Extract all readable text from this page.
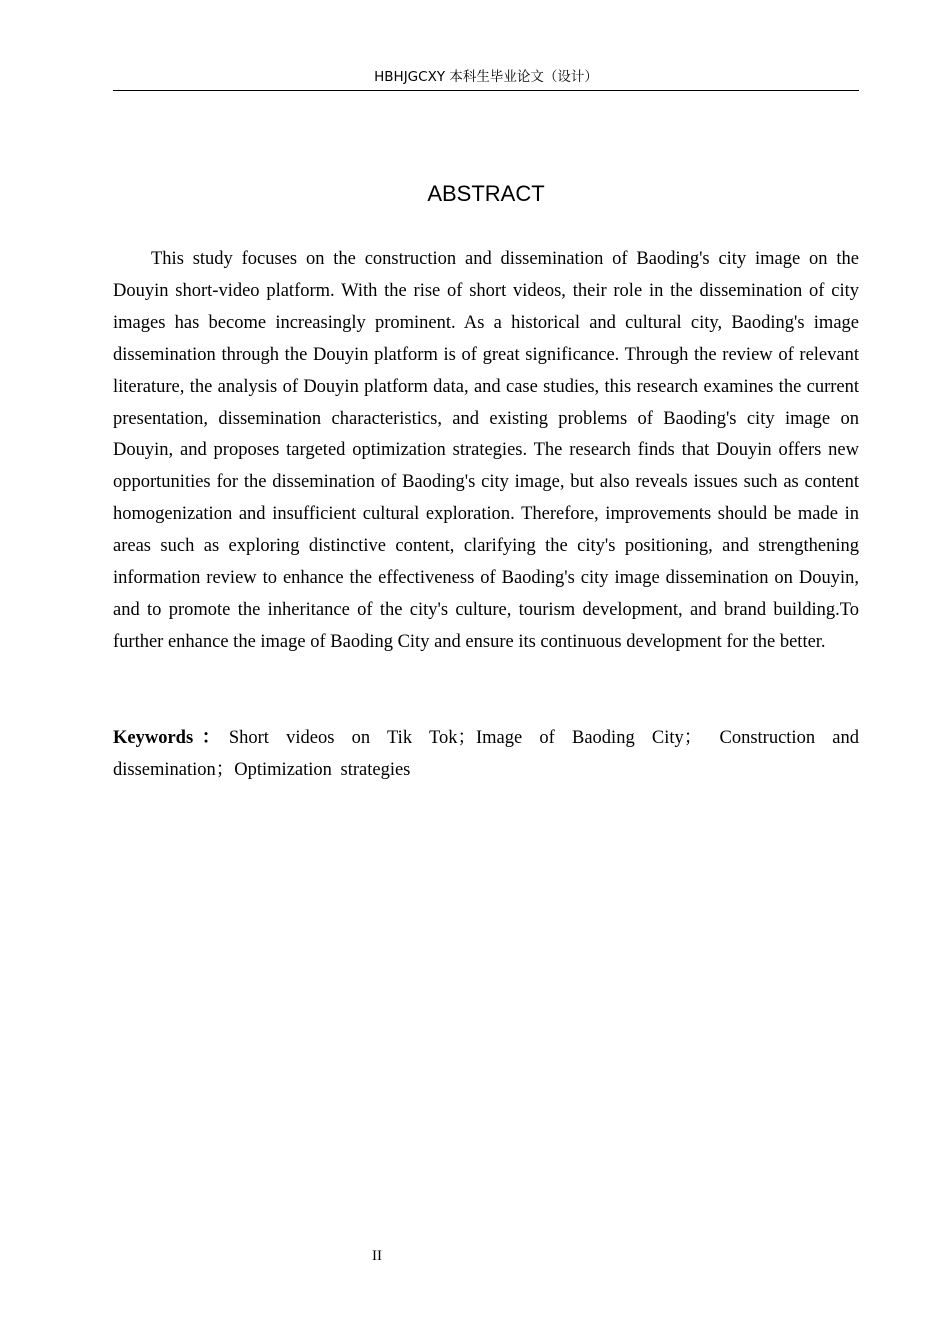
HBHJGCXY 本科生毕业论文（设计）
ABSTRACT

This study focuses on the construction and dissemination of Baoding's city image on the Douyin short-video platform. With the rise of short videos, their role in the dissemination of city images has become increasingly prominent. As a historical and cultural city, Baoding's image dissemination through the Douyin platform is of great significance. Through the review of relevant literature, the analysis of Douyin platform data, and case studies, this research examines the current presentation, dissemination characteristics, and existing problems of Baoding's city image on Douyin, and proposes targeted optimization strategies. The research finds that Douyin offers new opportunities for the dissemination of Baoding's city image, but also reveals issues such as content homogenization and insufficient cultural exploration. Therefore, improvements should be made in areas such as exploring distinctive content, clarifying the city's positioning, and strengthening information review to enhance the effectiveness of Baoding's city image dissemination on Douyin, and to promote the inheritance of the city's culture, tourism development, and brand building.To further enhance the image of Baoding City and ensure its continuous development for the better.

Keywords：Short videos on Tik Tok；Image of Baoding City； Construction and dissemination；Optimization strategies

II
